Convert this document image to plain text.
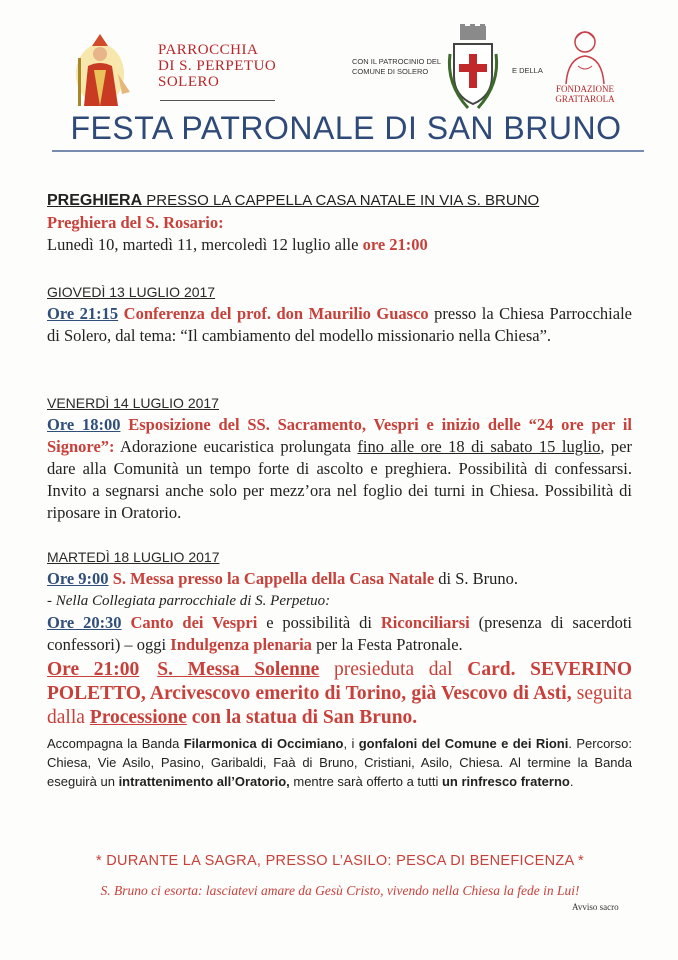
PARROCCHIA
DI S. PERPETUO
SOLERO
CON IL PATROCINIO DEL
COMUNE DI SOLERO	E DELLA
FONDAZIONE
GRATTAROLA
FESTA PATRONALE DI SAN BRUNO
PREGHIERA PRESSO LA CAPPELLA CASA NATALE IN VIA S. BRUNO
Preghiera del S. Rosario:
Lunedì 10, martedì 11, mercoledì 12 luglio alle ore 21:00
GIOVEDÌ 13 LUGLIO 2017
Ore 21:15 Conferenza del prof. don Maurilio Guasco presso la Chiesa Parrocchiale di Solero, dal tema: “Il cambiamento del modello missionario nella Chiesa”.
VENERDÌ 14 LUGLIO 2017
Ore 18:00 Esposizione del SS. Sacramento, Vespri e inizio delle “24 ore per il Signore”: Adorazione eucaristica prolungata fino alle ore 18 di sabato 15 luglio, per dare alla Comunità un tempo forte di ascolto e preghiera. Possibilità di confessarsi. Invito a segnarsi anche solo per mezz’ora nel foglio dei turni in Chiesa. Possibilità di riposare in Oratorio.
MARTEDÌ 18 LUGLIO 2017
Ore 9:00 S. Messa presso la Cappella della Casa Natale di S. Bruno.
- Nella Collegiata parrocchiale di S. Perpetuo:
Ore 20:30 Canto dei Vespri e possibilità di Riconciliarsi (presenza di sacerdoti confessori) – oggi Indulgenza plenaria per la Festa Patronale.
Ore 21:00 S. Messa Solenne presieduta dal Card. SEVERINO POLETTO, Arcivescovo emerito di Torino, già Vescovo di Asti, seguita dalla Processione con la statua di San Bruno.
Accompagna la Banda Filarmonica di Occimiano, i gonfaloni del Comune e dei Rioni. Percorso: Chiesa, Vie Asilo, Pasino, Garibaldi, Faà di Bruno, Cristiani, Asilo, Chiesa. Al termine la Banda eseguirà un intrattenimento all’Oratorio, mentre sarà offerto a tutti un rinfresco fraterno.
* DURANTE LA SAGRA, PRESSO L’ASILO: PESCA DI BENEFICENZA *
S. Bruno ci esorta: lasciatevi amare da Gesù Cristo, vivendo nella Chiesa la fede in Lui!
Avviso sacro
